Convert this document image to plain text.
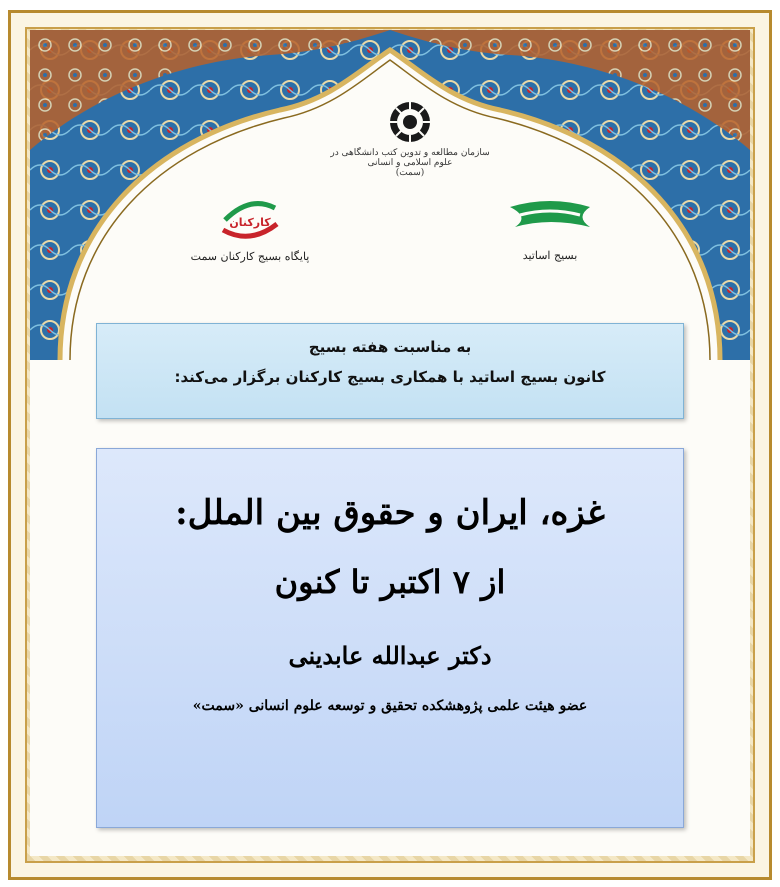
سازمان مطالعه و تدوین کتب دانشگاهی در علوم اسلامی و انسانی
(سمت)
کارکنان
پایگاه بسیج کارکنان سمت	بسیج اساتید
به مناسبت هفته بسیج
کانون بسیج اساتید با همکاری بسیج کارکنان برگزار می‌کند:
غزه، ایران و حقوق بین الملل:
از ۷ اکتبر تا کنون
دکتر عبدالله عابدینی
عضو هیئت علمی پژوهشکده تحقیق و توسعه علوم انسانی «سمت»
